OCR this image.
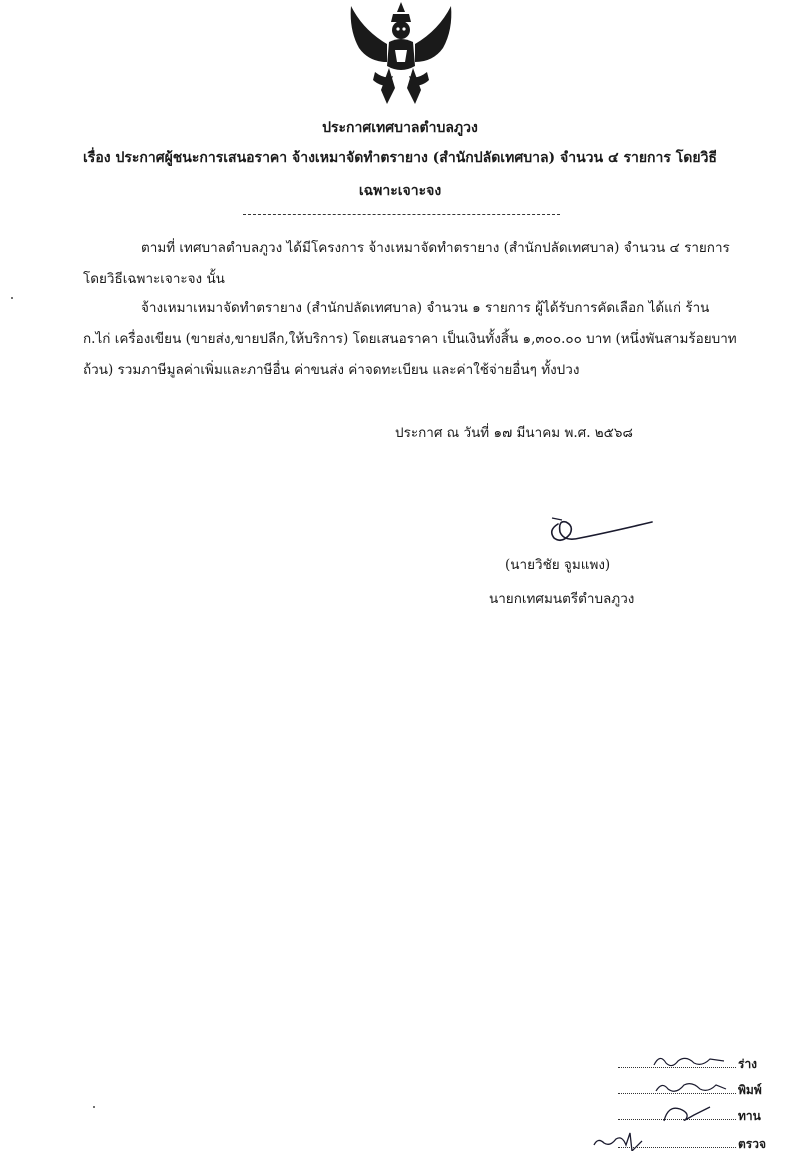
ประกาศเทศบาลตำบลภูวง
เรื่อง ประกาศผู้ชนะการเสนอราคา จ้างเหมาจัดทำตรายาง (สำนักปลัดเทศบาล) จำนวน ๔ รายการ โดยวิธี
เฉพาะเจาะจง
ตามที่ เทศบาลตำบลภูวง ได้มีโครงการ จ้างเหมาจัดทำตรายาง (สำนักปลัดเทศบาล) จำนวน ๔ รายการ
โดยวิธีเฉพาะเจาะจง นั้น
จ้างเหมาเหมาจัดทำตรายาง (สำนักปลัดเทศบาล) จำนวน ๑ รายการ ผู้ได้รับการคัดเลือก ได้แก่ ร้าน
ก.ไก่ เครื่องเขียน (ขายส่ง,ขายปลีก,ให้บริการ) โดยเสนอราคา เป็นเงินทั้งสิ้น ๑,๓๐๐.๐๐ บาท (หนึ่งพันสามร้อยบาท
ถ้วน) รวมภาษีมูลค่าเพิ่มและภาษีอื่น ค่าขนส่ง ค่าจดทะเบียน และค่าใช้จ่ายอื่นๆ ทั้งปวง
ประกาศ ณ วันที่ ๑๗ มีนาคม พ.ศ. ๒๕๖๘
(นายวิชัย จูมแพง)
นายกเทศมนตรีตำบลภูวง
ร่าง
พิมพ์
ทาน
ตรวจ
